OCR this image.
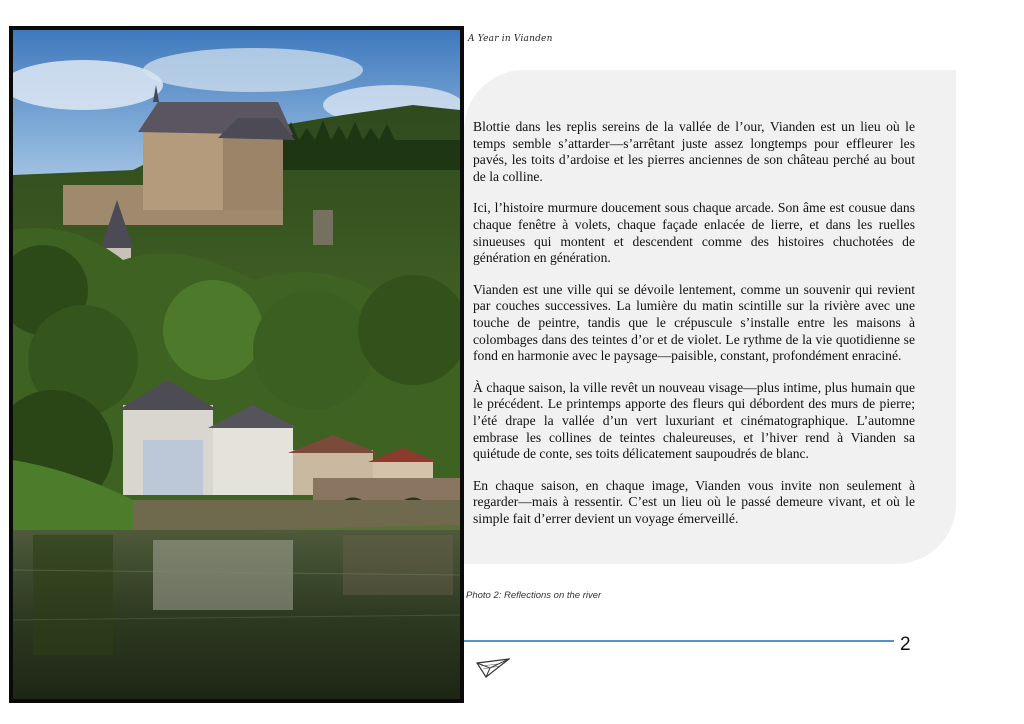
A Year in Vianden

Blottie dans les replis sereins de la vallée de l’our, Vianden est un lieu où le temps semble s’attarder—s’arrêtant juste assez longtemps pour effleurer les pavés, les toits d’ardoise et les pierres anciennes de son château perché au bout de la colline.

Ici, l’histoire murmure doucement sous chaque arcade. Son âme est cousue dans chaque fenêtre à volets, chaque façade enlacée de lierre, et dans les ruelles sinueuses qui montent et descendent comme des histoires chuchotées de génération en génération.

Vianden est une ville qui se dévoile lentement, comme un souvenir qui revient par couches successives. La lumière du matin scintille sur la rivière avec une touche de peintre, tandis que le crépuscule s’installe entre les maisons à colombages dans des teintes d’or et de violet. Le rythme de la vie quotidienne se fond en harmonie avec le paysage—paisible, constant, profondément enraciné.

À chaque saison, la ville revêt un nouveau visage—plus intime, plus humain que le précédent. Le printemps apporte des fleurs qui débordent des murs de pierre; l’été drape la vallée d’un vert luxuriant et cinématographique. L’automne embrase les collines de teintes chaleureuses, et l’hiver rend à Vianden sa quiétude de conte, ses toits délicatement saupoudrés de blanc.

En chaque saison, en chaque image, Vianden vous invite non seulement à regarder—mais à ressentir. C’est un lieu où le passé demeure vivant, et où le simple fait d’errer devient un voyage émerveillé.

Photo 2: Reflections on the river
2
